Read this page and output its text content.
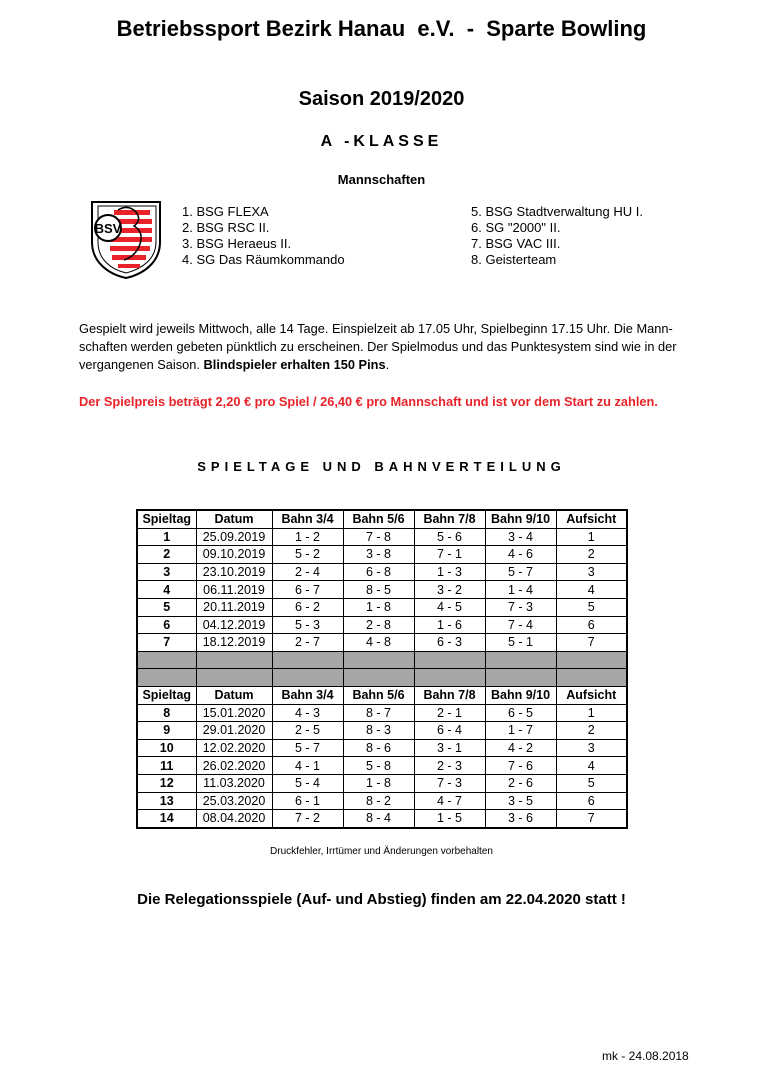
Betriebssport Bezirk Hanau  e.V.  -  Sparte Bowling
Saison 2019/2020
A -KLASSE
Mannschaften
BSV
1. BSG FLEXA
2. BSG RSC II.
3. BSG Heraeus II.
4. SG Das Räumkommando
5. BSG Stadtverwaltung HU I.
6. SG "2000" II.
7. BSG VAC III.
8. Geisterteam
Gespielt wird jeweils Mittwoch, alle 14 Tage. Einspielzeit ab 17.05 Uhr, Spielbeginn 17.15 Uhr. Die Mann-schaften werden gebeten pünktlich zu erscheinen. Der Spielmodus und das Punktesystem sind wie in der vergangenen Saison. Blindspieler erhalten 150 Pins.
Der Spielpreis beträgt 2,20 € pro Spiel / 26,40 € pro Mannschaft und ist vor dem Start zu zahlen.
SPIELTAGE UND BAHNVERTEILUNG
Spieltag	Datum	Bahn 3/4	Bahn 5/6	Bahn 7/8	Bahn 9/10	Aufsicht
1	25.09.2019	1 - 2	7 - 8	5 - 6	3 - 4	1
2	09.10.2019	5 - 2	3 - 8	7 - 1	4 - 6	2
3	23.10.2019	2 - 4	6 - 8	1 - 3	5 - 7	3
4	06.11.2019	6 - 7	8 - 5	3 - 2	1 - 4	4
5	20.11.2019	6 - 2	1 - 8	4 - 5	7 - 3	5
6	04.12.2019	5 - 3	2 - 8	1 - 6	7 - 4	6
7	18.12.2019	2 - 7	4 - 8	6 - 3	5 - 1	7

Spieltag	Datum	Bahn 3/4	Bahn 5/6	Bahn 7/8	Bahn 9/10	Aufsicht
8	15.01.2020	4 - 3	8 - 7	2 - 1	6 - 5	1
9	29.01.2020	2 - 5	8 - 3	6 - 4	1 - 7	2
10	12.02.2020	5 - 7	8 - 6	3 - 1	4 - 2	3
11	26.02.2020	4 - 1	5 - 8	2 - 3	7 - 6	4
12	11.03.2020	5 - 4	1 - 8	7 - 3	2 - 6	5
13	25.03.2020	6 - 1	8 - 2	4 - 7	3 - 5	6
14	08.04.2020	7 - 2	8 - 4	1 - 5	3 - 6	7
Druckfehler, Irrtümer und Änderungen vorbehalten
Die Relegationsspiele (Auf- und Abstieg) finden am 22.04.2020 statt !
mk - 24.08.2018
